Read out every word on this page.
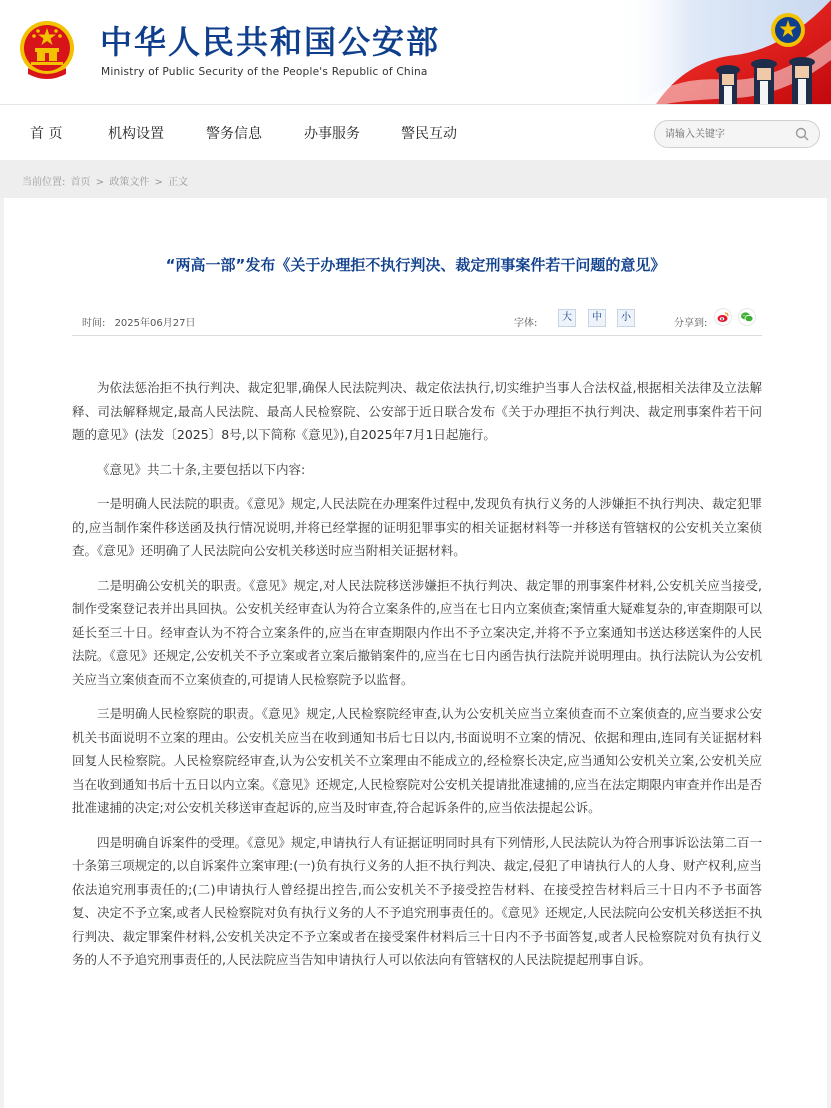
中华人民共和国公安部
Ministry of Public Security of the People's Republic of China
首 页	机构设置	警务信息	办事服务	警民互动
请输入关键字
当前位置: 首页 > 政策文件 > 正文
“两高一部”发布《关于办理拒不执行判决、裁定刑事案件若干问题的意见》
时间: 2025年06月27日	字体:
大	中	小
分享到:

为依法惩治拒不执行判决、裁定犯罪,确保人民法院判决、裁定依法执行,切实维护当事人合法权益,根据相关法律及立法解释、司法解释规定,最高人民法院、最高人民检察院、公安部于近日联合发布《关于办理拒不执行判决、裁定刑事案件若干问题的意见》(法发〔2025〕8号,以下简称《意见》),自2025年7月1日起施行。

《意见》共二十条,主要包括以下内容:

一是明确人民法院的职责。《意见》规定,人民法院在办理案件过程中,发现负有执行义务的人涉嫌拒不执行判决、裁定犯罪的,应当制作案件移送函及执行情况说明,并将已经掌握的证明犯罪事实的相关证据材料等一并移送有管辖权的公安机关立案侦查。《意见》还明确了人民法院向公安机关移送时应当附相关证据材料。

二是明确公安机关的职责。《意见》规定,对人民法院移送涉嫌拒不执行判决、裁定罪的刑事案件材料,公安机关应当接受,制作受案登记表并出具回执。公安机关经审查认为符合立案条件的,应当在七日内立案侦查;案情重大疑难复杂的,审查期限可以延长至三十日。经审查认为不符合立案条件的,应当在审查期限内作出不予立案决定,并将不予立案通知书送达移送案件的人民法院。《意见》还规定,公安机关不予立案或者立案后撤销案件的,应当在七日内函告执行法院并说明理由。执行法院认为公安机关应当立案侦查而不立案侦查的,可提请人民检察院予以监督。

三是明确人民检察院的职责。《意见》规定,人民检察院经审查,认为公安机关应当立案侦查而不立案侦查的,应当要求公安机关书面说明不立案的理由。公安机关应当在收到通知书后七日以内,书面说明不立案的情况、依据和理由,连同有关证据材料回复人民检察院。人民检察院经审查,认为公安机关不立案理由不能成立的,经检察长决定,应当通知公安机关立案,公安机关应当在收到通知书后十五日以内立案。《意见》还规定,人民检察院对公安机关提请批准逮捕的,应当在法定期限内审查并作出是否批准逮捕的决定;对公安机关移送审查起诉的,应当及时审查,符合起诉条件的,应当依法提起公诉。

四是明确自诉案件的受理。《意见》规定,申请执行人有证据证明同时具有下列情形,人民法院认为符合刑事诉讼法第二百一十条第三项规定的,以自诉案件立案审理:(一)负有执行义务的人拒不执行判决、裁定,侵犯了申请执行人的人身、财产权利,应当依法追究刑事责任的;(二)申请执行人曾经提出控告,而公安机关不予接受控告材料、在接受控告材料后三十日内不予书面答复、决定不予立案,或者人民检察院对负有执行义务的人不予追究刑事责任的。《意见》还规定,人民法院向公安机关移送拒不执行判决、裁定罪案件材料,公安机关决定不予立案或者在接受案件材料后三十日内不予书面答复,或者人民检察院对负有执行义务的人不予追究刑事责任的,人民法院应当告知申请执行人可以依法向有管辖权的人民法院提起刑事自诉。
